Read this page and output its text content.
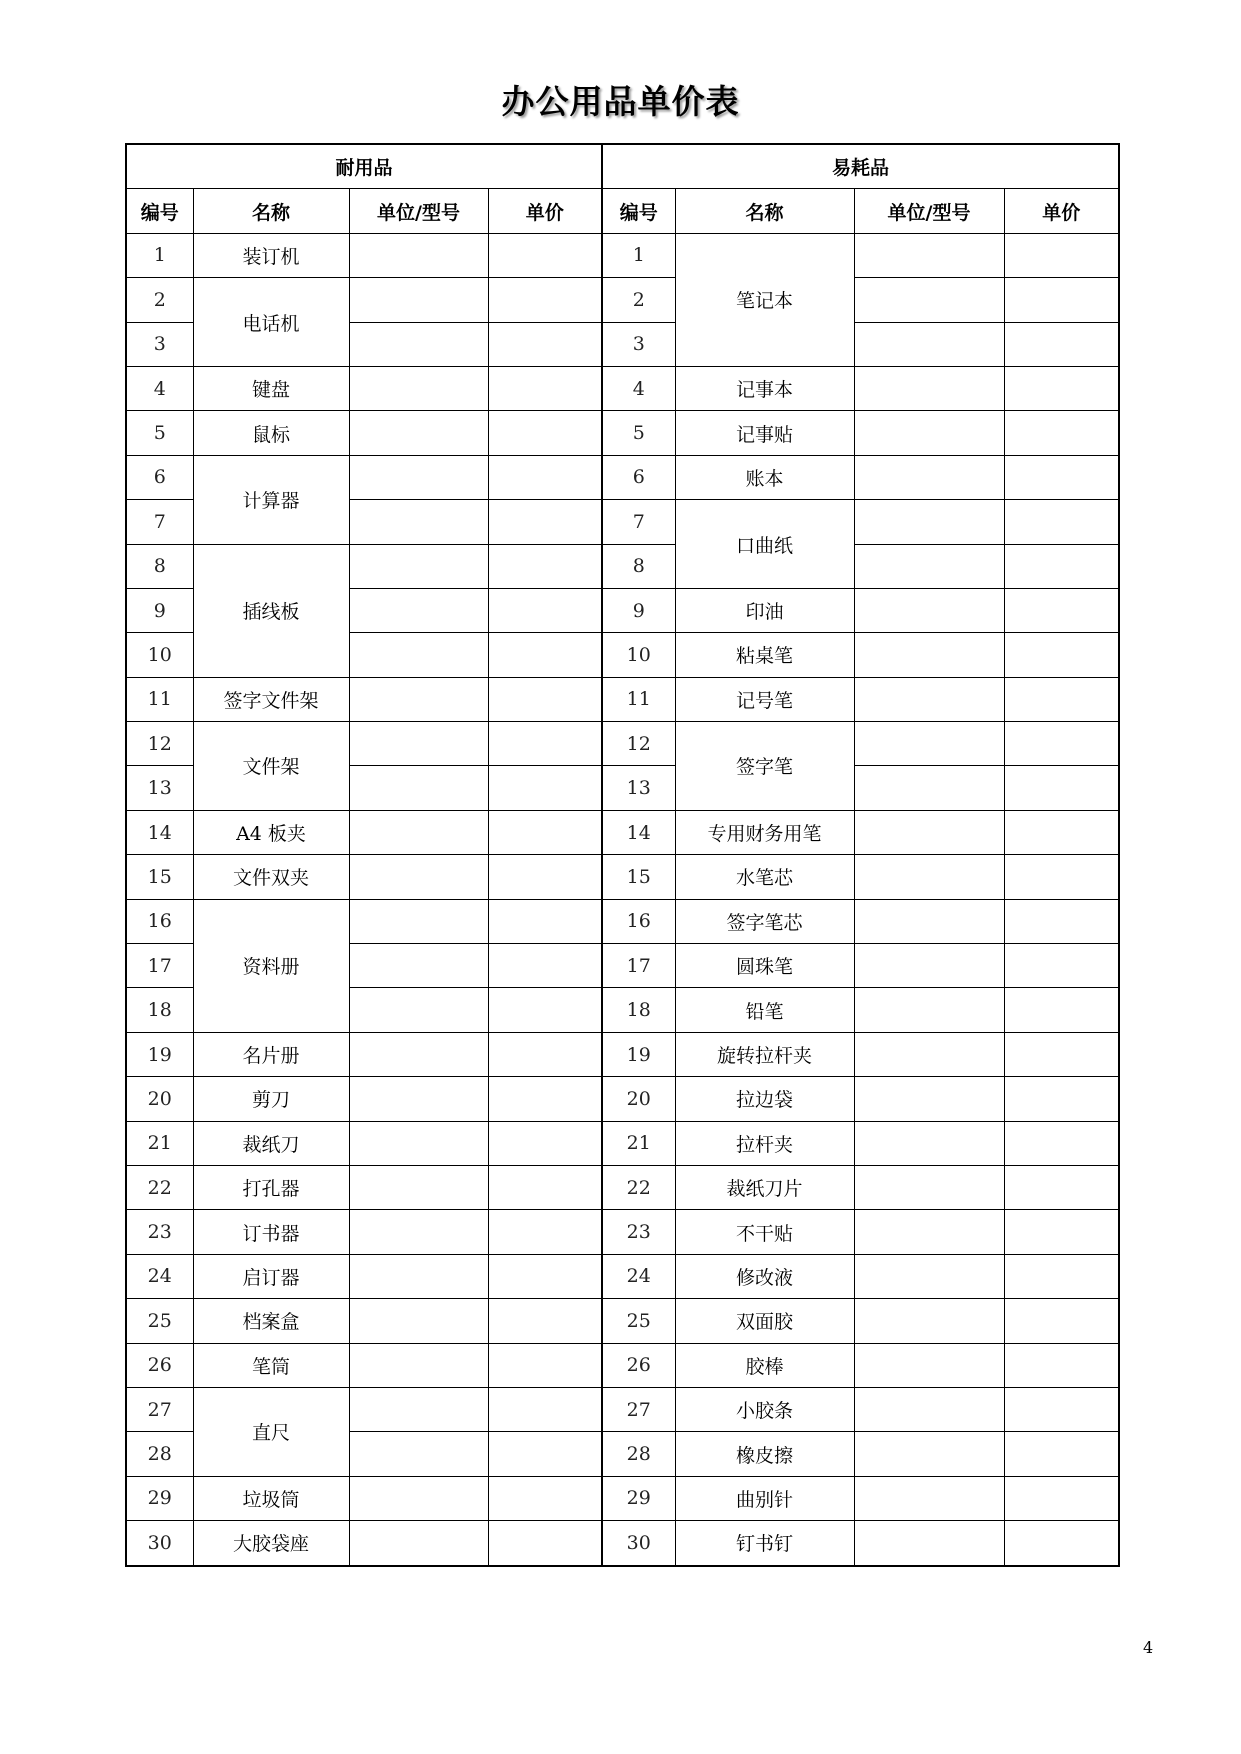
办公用品单价表
耐用品				易耗品			
编号	名称	单位/型号	单价	编号	名称	单位/型号	单价
1	装订机			1	笔记本		
2	电话机			2			
3				3			
4	键盘			4	记事本		
5	鼠标			5	记事贴		
6	计算器			6	账本		
7				7	口曲纸		
8	插线板			8			
9				9	印油		
10				10	粘桌笔		
11	签字文件架			11	记号笔		
12	文件架			12	签字笔		
13				13			
14	A4 板夹			14	专用财务用笔		
15	文件双夹			15	水笔芯		
16	资料册			16	签字笔芯		
17				17	圆珠笔		
18				18	铅笔		
19	名片册			19	旋转拉杆夹		
20	剪刀			20	拉边袋		
21	裁纸刀			21	拉杆夹		
22	打孔器			22	裁纸刀片		
23	订书器			23	不干贴		
24	启订器			24	修改液		
25	档案盒			25	双面胶		
26	笔筒			26	胶棒		
27	直尺			27	小胶条		
28				28	橡皮擦		
29	垃圾筒			29	曲别针		
30	大胶袋座			30	钉书钉		
4
